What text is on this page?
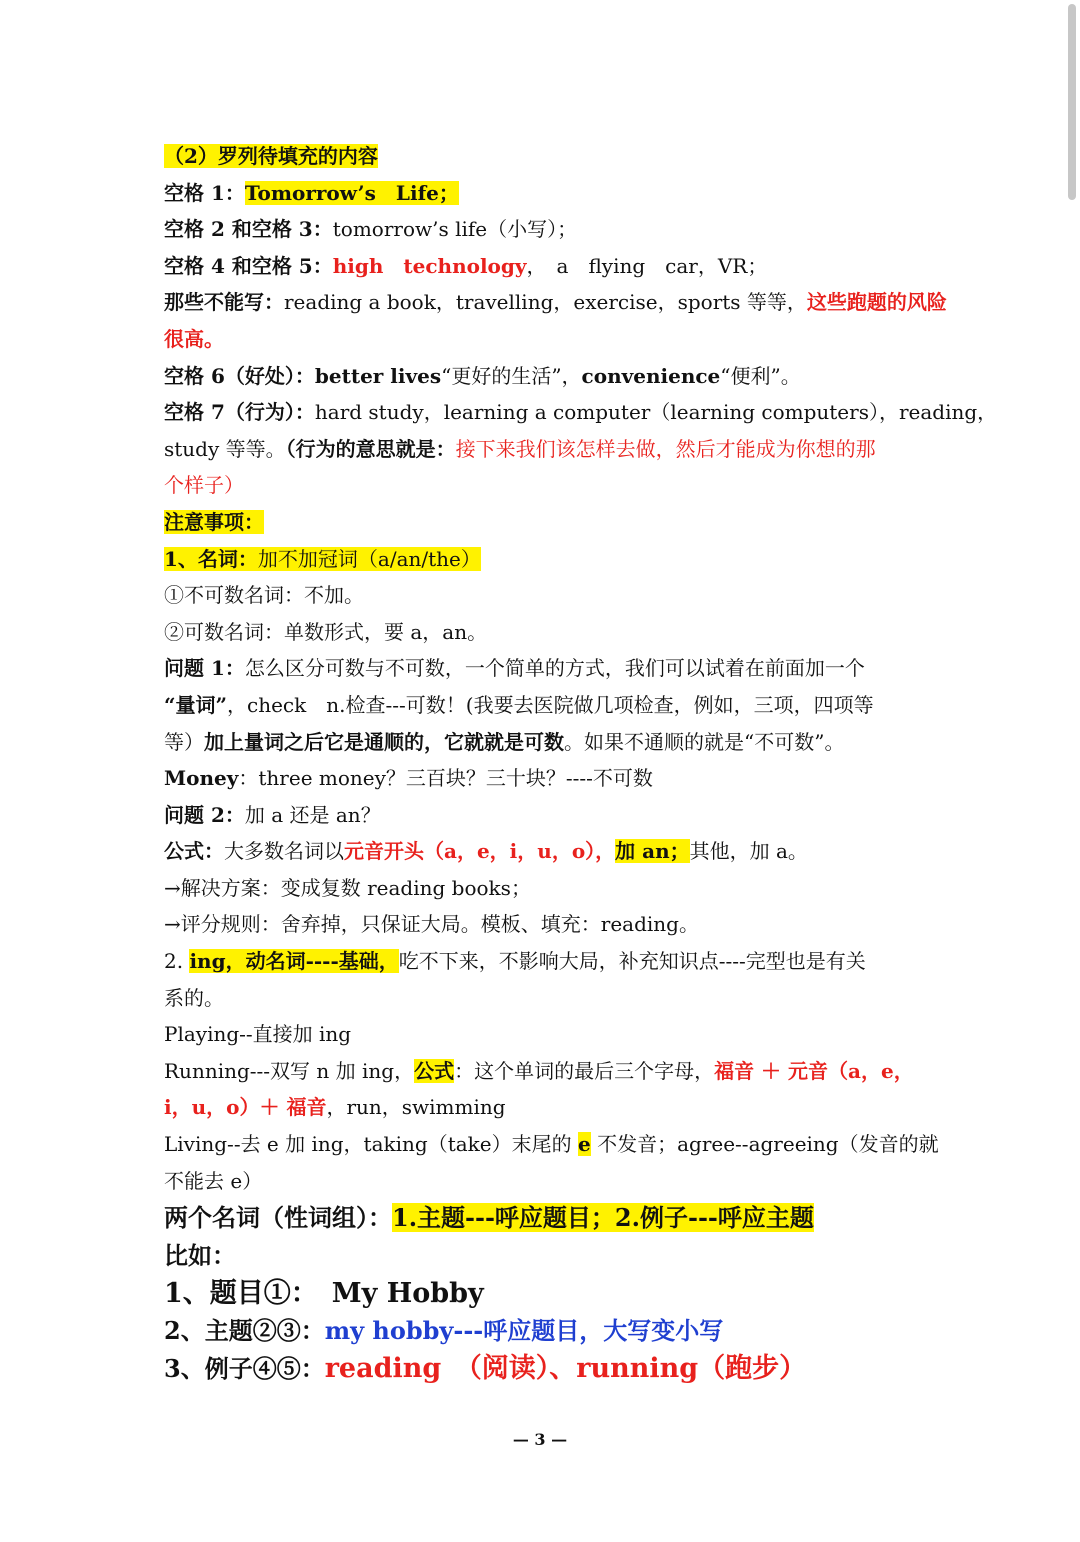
（2）罗列待填充的内容
空格 1：Tomorrow’s　Life；
空格 2 和空格 3：tomorrow’s life（小写）；
空格 4 和空格 5：high　technology，　a　flying　car，VR；
那些不能写：reading a book，travelling，exercise，sports 等等，这些跑题的风险
很高。
空格 6（好处）：better lives“更好的生活”，convenience“便利”。
空格 7（行为）：hard study，learning a computer（learning computers），reading，
study 等等。（行为的意思就是：接下来我们该怎样去做，然后才能成为你想的那
个样子）
注意事项：
1、名词：加不加冠词（a/an/the）
①不可数名词：不加。
②可数名词：单数形式，要 a，an。
问题 1：怎么区分可数与不可数，一个简单的方式，我们可以试着在前面加一个
“量词”，check　n.检查---可数！(我要去医院做几项检查，例如，三项，四项等
等）加上量词之后它是通顺的，它就就是可数。如果不通顺的就是“不可数”。
Money：three money？三百块？三十块？----不可数
问题 2：加 a 还是 an？
公式：大多数名词以元音开头（a，e，i，u，o），加 an；其他，加 a。
→解决方案：变成复数 reading books；
→评分规则：舍弃掉，只保证大局。模板、填充：reading。
2. ing，动名词----基础，吃不下来，不影响大局，补充知识点----完型也是有关
系的。
Playing--直接加 ing
Running---双写 n 加 ing，公式：这个单词的最后三个字母，福音 ＋ 元音（a，e，
i，u，o）＋ 福音，run，swimming
Living--去 e 加 ing，taking（take）末尾的 e 不发音；agree--agreeing（发音的就
不能去 e）
两个名词（性词组）：1.主题---呼应题目；2.例子---呼应主题
比如：
1、题目①： My Hobby
2、主题②③：my hobby---呼应题目，大写变小写
3、例子④⑤：reading　（阅读）、running（跑步）
— 3 —
